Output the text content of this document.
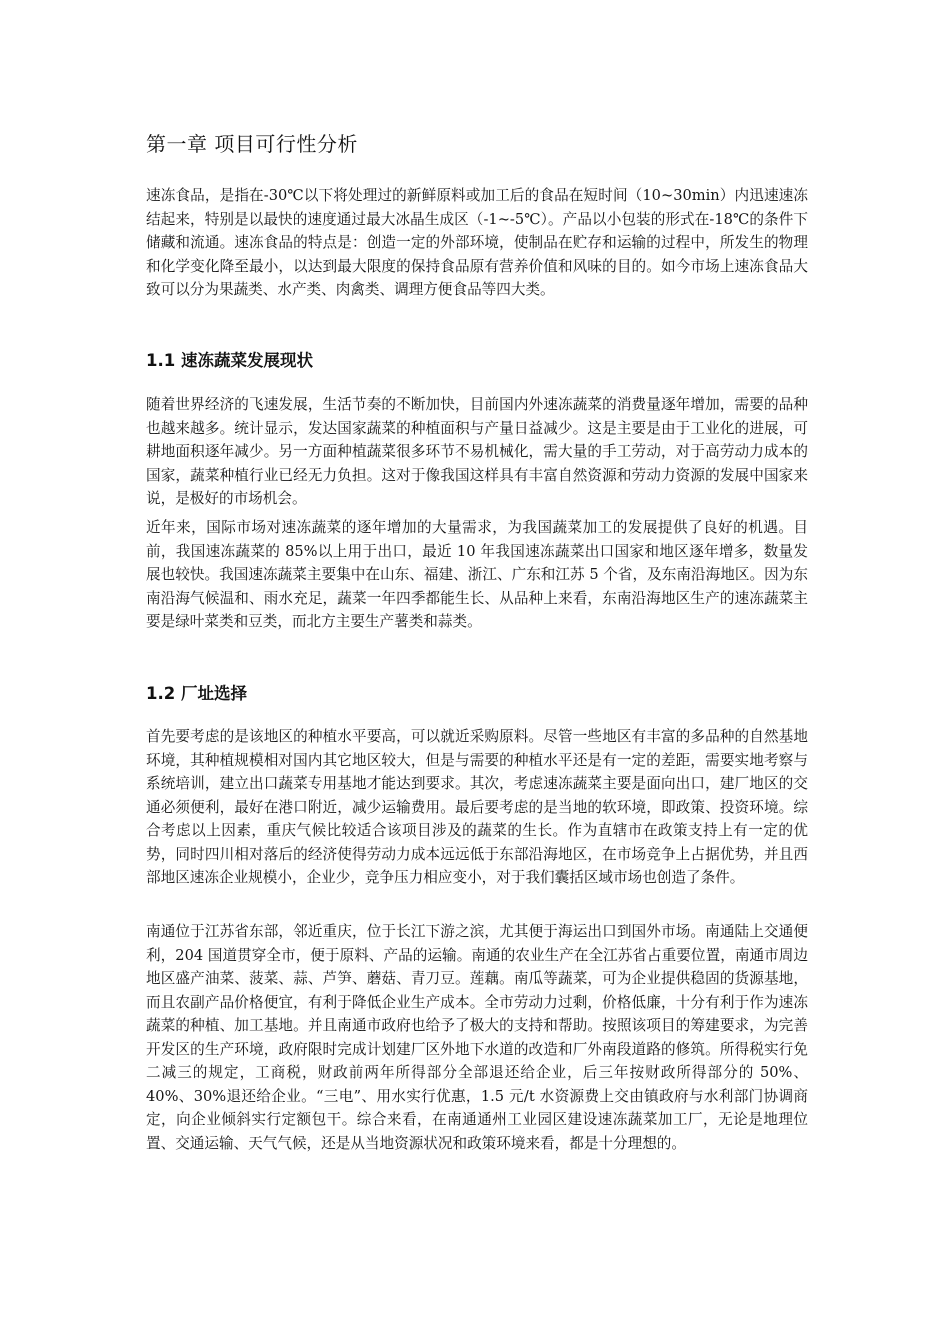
第一章 项目可行性分析

速冻食品，是指在-30℃以下将处理过的新鲜原料或加工后的食品在短时间（10~30min）内迅速速冻结起来，特别是以最快的速度通过最大冰晶生成区（-1~-5℃）。产品以小包装的形式在-18℃的条件下储藏和流通。速冻食品的特点是：创造一定的外部环境，使制品在贮存和运输的过程中，所发生的物理和化学变化降至最小，以达到最大限度的保持食品原有营养价值和风味的目的。如今市场上速冻食品大致可以分为果蔬类、水产类、肉禽类、调理方便食品等四大类。

1.1 速冻蔬菜发展现状

随着世界经济的飞速发展，生活节奏的不断加快，目前国内外速冻蔬菜的消费量逐年增加，需要的品种也越来越多。统计显示，发达国家蔬菜的种植面积与产量日益减少。这是主要是由于工业化的进展，可耕地面积逐年减少。另一方面种植蔬菜很多环节不易机械化，需大量的手工劳动，对于高劳动力成本的国家，蔬菜种植行业已经无力负担。这对于像我国这样具有丰富自然资源和劳动力资源的发展中国家来说，是极好的市场机会。

近年来，国际市场对速冻蔬菜的逐年增加的大量需求，为我国蔬菜加工的发展提供了良好的机遇。目前，我国速冻蔬菜的 85%以上用于出口，最近 10 年我国速冻蔬菜出口国家和地区逐年增多，数量发展也较快。我国速冻蔬菜主要集中在山东、福建、浙江、广东和江苏 5 个省，及东南沿海地区。因为东南沿海气候温和、雨水充足，蔬菜一年四季都能生长、从品种上来看，东南沿海地区生产的速冻蔬菜主要是绿叶菜类和豆类，而北方主要生产薯类和蒜类。

1.2 厂址选择

首先要考虑的是该地区的种植水平要高，可以就近采购原料。尽管一些地区有丰富的多品种的自然基地环境，其种植规模相对国内其它地区较大，但是与需要的种植水平还是有一定的差距，需要实地考察与系统培训，建立出口蔬菜专用基地才能达到要求。其次，考虑速冻蔬菜主要是面向出口，建厂地区的交通必须便利，最好在港口附近，减少运输费用。最后要考虑的是当地的软环境，即政策、投资环境。综合考虑以上因素，重庆气候比较适合该项目涉及的蔬菜的生长。作为直辖市在政策支持上有一定的优势，同时四川相对落后的经济使得劳动力成本远远低于东部沿海地区，在市场竞争上占据优势，并且西部地区速冻企业规模小，企业少，竞争压力相应变小，对于我们囊括区域市场也创造了条件。

南通位于江苏省东部，邻近重庆，位于长江下游之滨，尤其便于海运出口到国外市场。南通陆上交通便利，204 国道贯穿全市，便于原料、产品的运输。南通的农业生产在全江苏省占重要位置，南通市周边地区盛产油菜、菠菜、蒜、芦笋、蘑菇、青刀豆。莲藕。南瓜等蔬菜，可为企业提供稳固的货源基地，而且农副产品价格便宜，有利于降低企业生产成本。全市劳动力过剩，价格低廉，十分有利于作为速冻蔬菜的种植、加工基地。并且南通市政府也给予了极大的支持和帮助。按照该项目的筹建要求，为完善开发区的生产环境，政府限时完成计划建厂区外地下水道的改造和厂外南段道路的修筑。所得税实行免二减三的规定，工商税，财政前两年所得部分全部退还给企业，后三年按财政所得部分的 50%、40%、30%退还给企业。“三电”、用水实行优惠，1.5 元/t 水资源费上交由镇政府与水利部门协调商定，向企业倾斜实行定额包干。综合来看，在南通通州工业园区建设速冻蔬菜加工厂，无论是地理位置、交通运输、天气气候，还是从当地资源状况和政策环境来看，都是十分理想的。
